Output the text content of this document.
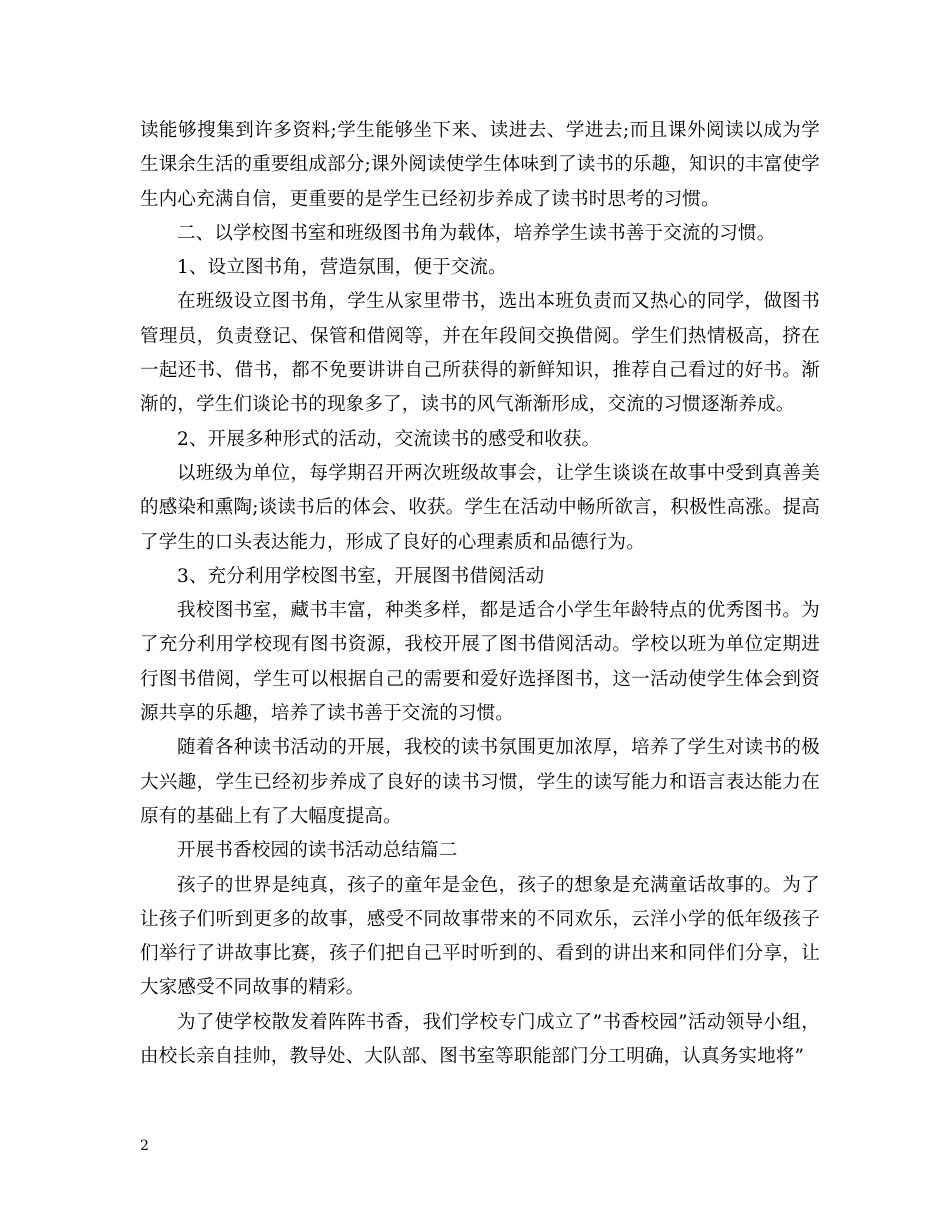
读能够搜集到许多资料;学生能够坐下来、读进去、学进去;而且课外阅读以成为学生课余生活的重要组成部分;课外阅读使学生体味到了读书的乐趣，知识的丰富使学生内心充满自信，更重要的是学生已经初步养成了读书时思考的习惯。

二、以学校图书室和班级图书角为载体，培养学生读书善于交流的习惯。

1、设立图书角，营造氛围，便于交流。

在班级设立图书角，学生从家里带书，选出本班负责而又热心的同学，做图书管理员，负责登记、保管和借阅等，并在年段间交换借阅。学生们热情极高，挤在一起还书、借书，都不免要讲讲自己所获得的新鲜知识，推荐自己看过的好书。渐渐的，学生们谈论书的现象多了，读书的风气渐渐形成，交流的习惯逐渐养成。

2、开展多种形式的活动，交流读书的感受和收获。

以班级为单位，每学期召开两次班级故事会，让学生谈谈在故事中受到真善美的感染和熏陶;谈读书后的体会、收获。学生在活动中畅所欲言，积极性高涨。提高了学生的口头表达能力，形成了良好的心理素质和品德行为。

3、充分利用学校图书室，开展图书借阅活动

我校图书室，藏书丰富，种类多样，都是适合小学生年龄特点的优秀图书。为了充分利用学校现有图书资源，我校开展了图书借阅活动。学校以班为单位定期进行图书借阅，学生可以根据自己的需要和爱好选择图书，这一活动使学生体会到资源共享的乐趣，培养了读书善于交流的习惯。

随着各种读书活动的开展，我校的读书氛围更加浓厚，培养了学生对读书的极大兴趣，学生已经初步养成了良好的读书习惯，学生的读写能力和语言表达能力在原有的基础上有了大幅度提高。

开展书香校园的读书活动总结篇二

孩子的世界是纯真，孩子的童年是金色，孩子的想象是充满童话故事的。为了让孩子们听到更多的故事，感受不同故事带来的不同欢乐，云洋小学的低年级孩子们举行了讲故事比赛，孩子们把自己平时听到的、看到的讲出来和同伴们分享，让大家感受不同故事的精彩。

为了使学校散发着阵阵书香，我们学校专门成立了”书香校园”活动领导小组，由校长亲自挂帅，教导处、大队部、图书室等职能部门分工明确，认真务实地将”

2
